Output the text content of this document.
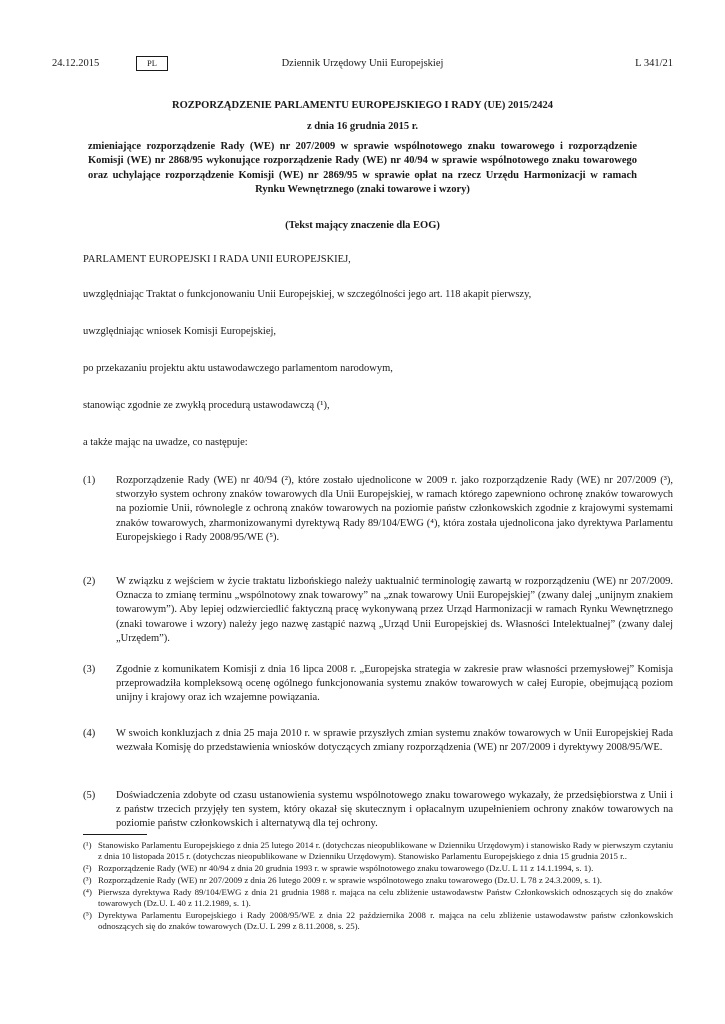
24.12.2015	PL	Dziennik Urzędowy Unii Europejskiej	L 341/21

ROZPORZĄDZENIE PARLAMENTU EUROPEJSKIEGO I RADY (UE) 2015/2424

z dnia 16 grudnia 2015 r.

zmieniające rozporządzenie Rady (WE) nr 207/2009 w sprawie wspólnotowego znaku towarowego i rozporządzenie Komisji (WE) nr 2868/95 wykonujące rozporządzenie Rady (WE) nr 40/94 w sprawie wspólnotowego znaku towarowego oraz uchylające rozporządzenie Komisji (WE) nr 2869/95 w sprawie opłat na rzecz Urzędu Harmonizacji w ramach Rynku Wewnętrznego (znaki towarowe i wzory)

(Tekst mający znaczenie dla EOG)
PARLAMENT EUROPEJSKI I RADA UNII EUROPEJSKIEJ,
uwzględniając Traktat o funkcjonowaniu Unii Europejskiej, w szczególności jego art. 118 akapit pierwszy,
uwzględniając wniosek Komisji Europejskiej,
po przekazaniu projektu aktu ustawodawczego parlamentom narodowym,
stanowiąc zgodnie ze zwykłą procedurą ustawodawczą (¹),
a także mając na uwadze, co następuje:
(1)	Rozporządzenie Rady (WE) nr 40/94 (²), które zostało ujednolicone w 2009 r. jako rozporządzenie Rady (WE) nr 207/2009 (³), stworzyło system ochrony znaków towarowych dla Unii Europejskiej, w ramach którego zapewniono ochronę znaków towarowych na poziomie Unii, równolegle z ochroną znaków towarowych na poziomie państw członkowskich zgodnie z krajowymi systemami znaków towarowych, zharmonizowanymi dyrektywą Rady 89/104/EWG (⁴), która została ujednolicona jako dyrektywa Parlamentu Europejskiego i Rady 2008/95/WE (⁵).
(2)	W związku z wejściem w życie traktatu lizbońskiego należy uaktualnić terminologię zawartą w rozporządzeniu (WE) nr 207/2009. Oznacza to zmianę terminu „wspólnotowy znak towarowy” na „znak towarowy Unii Europejskiej” (zwany dalej „unijnym znakiem towarowym”). Aby lepiej odzwierciedlić faktyczną pracę wykonywaną przez Urząd Harmonizacji w ramach Rynku Wewnętrznego (znaki towarowe i wzory) należy jego nazwę zastąpić nazwą „Urząd Unii Europejskiej ds. Własności Intelektualnej” (zwany dalej „Urzędem”).
(3)	Zgodnie z komunikatem Komisji z dnia 16 lipca 2008 r. „Europejska strategia w zakresie praw własności przemysłowej” Komisja przeprowadziła kompleksową ocenę ogólnego funkcjonowania systemu znaków towarowych w całej Europie, obejmującą poziom unijny i krajowy oraz ich wzajemne powiązania.
(4)	W swoich konkluzjach z dnia 25 maja 2010 r. w sprawie przyszłych zmian systemu znaków towarowych w Unii Europejskiej Rada wezwała Komisję do przedstawienia wniosków dotyczących zmiany rozporządzenia (WE) nr 207/2009 i dyrektywy 2008/95/WE.
(5)	Doświadczenia zdobyte od czasu ustanowienia systemu wspólnotowego znaku towarowego wykazały, że przedsiębiorstwa z Unii i z państw trzecich przyjęły ten system, który okazał się skutecznym i opłacalnym uzupełnieniem ochrony znaków towarowych na poziomie państw członkowskich i alternatywą dla tej ochrony.
(¹) Stanowisko Parlamentu Europejskiego z dnia 25 lutego 2014 r. (dotychczas nieopublikowane w Dzienniku Urzędowym) i stanowisko Rady w pierwszym czytaniu z dnia 10 listopada 2015 r. (dotychczas nieopublikowane w Dzienniku Urzędowym). Stanowisko Parlamentu Europejskiego z dnia 15 grudnia 2015 r..
(²) Rozporządzenie Rady (WE) nr 40/94 z dnia 20 grudnia 1993 r. w sprawie wspólnotowego znaku towarowego (Dz.U. L 11 z 14.1.1994, s. 1).
(³) Rozporządzenie Rady (WE) nr 207/2009 z dnia 26 lutego 2009 r. w sprawie wspólnotowego znaku towarowego (Dz.U. L 78 z 24.3.2009, s. 1).
(⁴) Pierwsza dyrektywa Rady 89/104/EWG z dnia 21 grudnia 1988 r. mająca na celu zbliżenie ustawodawstw Państw Członkowskich odnoszących się do znaków towarowych (Dz.U. L 40 z 11.2.1989, s. 1).
(⁵) Dyrektywa Parlamentu Europejskiego i Rady 2008/95/WE z dnia 22 października 2008 r. mająca na celu zbliżenie ustawodawstw państw członkowskich odnoszących się do znaków towarowych (Dz.U. L 299 z 8.11.2008, s. 25).
